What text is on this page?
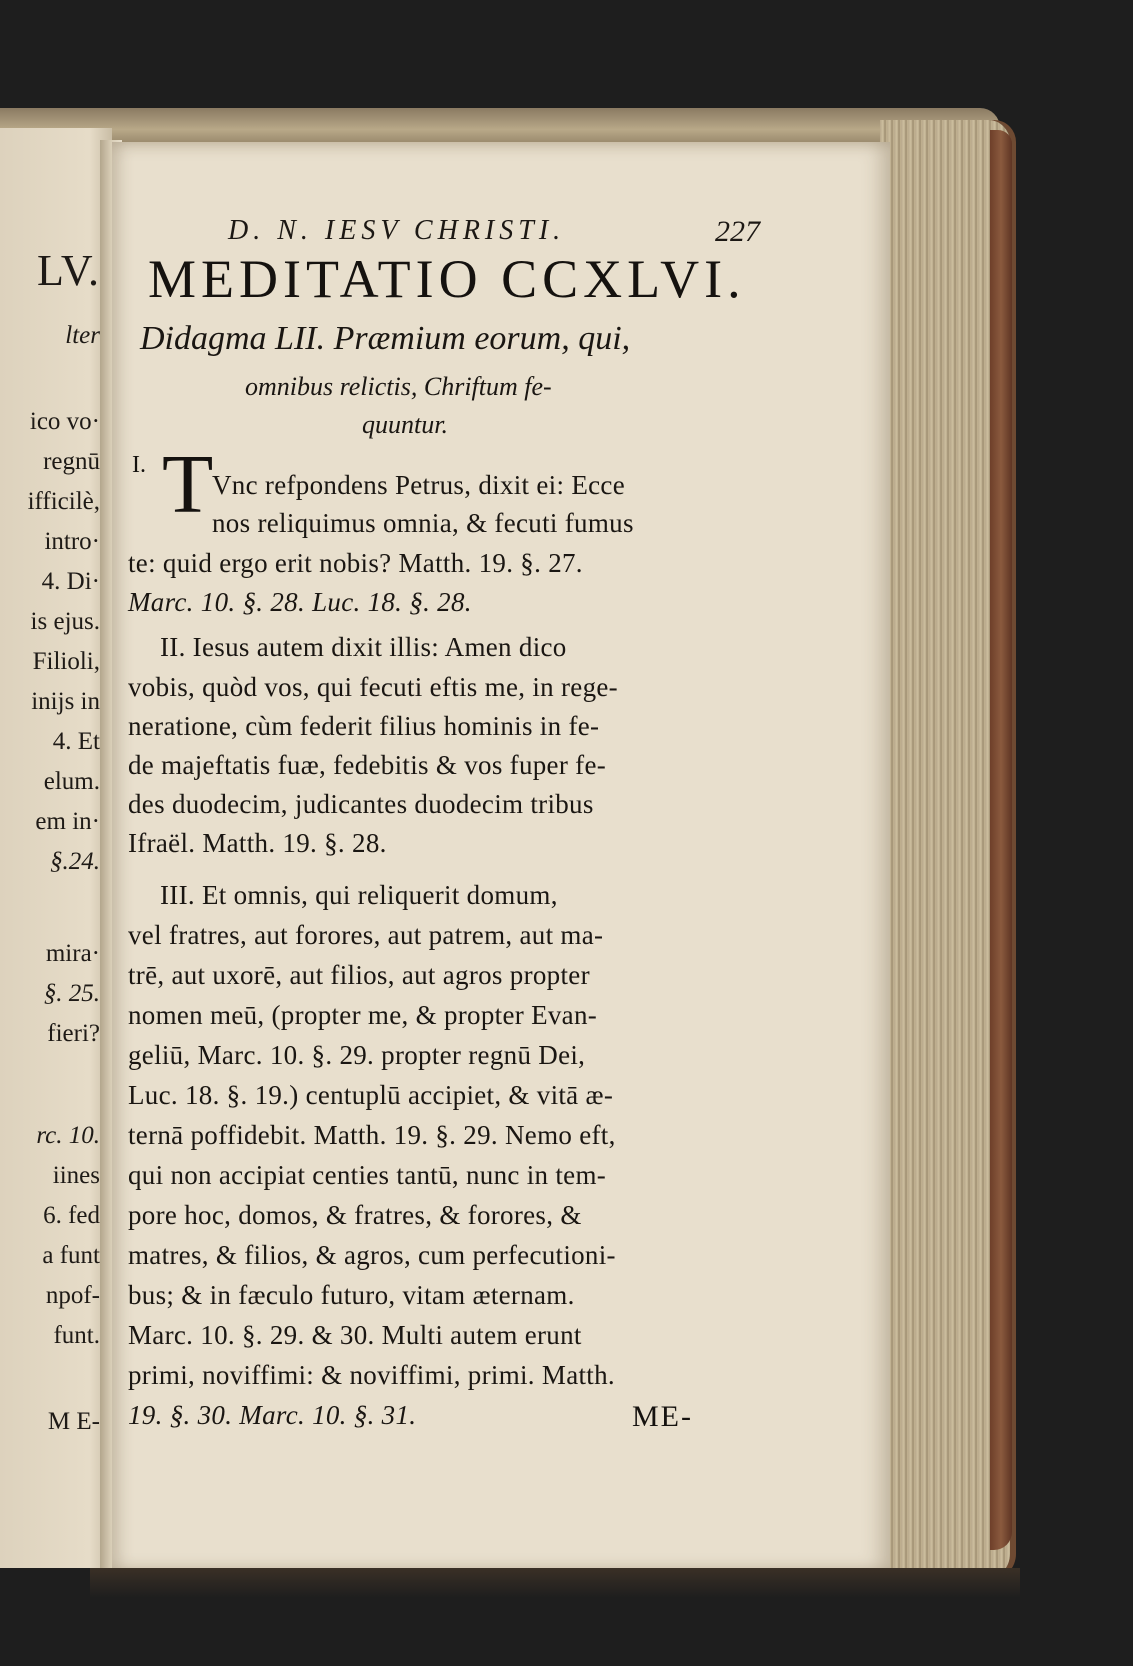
LV.
lter
ico vo·
regnū
ifficilè,
intro·
4. Di·
is ejus.
Filioli,
inijs in
4. Et
elum.
em in·
§.24.
mira·
§. 25.
fieri?
rc. 10.
iines
6. fed
a funt
npof-
funt.
M E-
D. N. IESV CHRISTI.	227
MEDITATIO CCXLVI.
Didagma LII. Præmium eorum, qui,
omnibus relictis, Chriftum fe-
quuntur.
I. T
Vnc refpondens Petrus, dixit ei: Ecce
nos reliquimus omnia, & fecuti fumus
te: quid ergo erit nobis? Matth. 19. §. 27.
Marc. 10. §. 28. Luc. 18. §. 28.
II. Iesus autem dixit illis: Amen dico
vobis, quòd vos, qui fecuti eftis me, in rege-
neratione, cùm federit filius hominis in fe-
de majeftatis fuæ, fedebitis & vos fuper fe-
des duodecim, judicantes duodecim tribus
Ifraël. Matth. 19. §. 28.
III. Et omnis, qui reliquerit domum,
vel fratres, aut forores, aut patrem, aut ma-
trē, aut uxorē, aut filios, aut agros propter
nomen meū, (propter me, & propter Evan-
geliū, Marc. 10. §. 29. propter regnū Dei,
Luc. 18. §. 19.) centuplū accipiet, & vitā æ-
ternā poffidebit. Matth. 19. §. 29. Nemo eft,
qui non accipiat centies tantū, nunc in tem-
pore hoc, domos, & fratres, & forores, &
matres, & filios, & agros, cum perfecutioni-
bus; & in fæculo futuro, vitam æternam.
Marc. 10. §. 29. & 30. Multi autem erunt
primi, noviffimi: & noviffimi, primi. Matth.
19. §. 30. Marc. 10. §. 31.	ME-
